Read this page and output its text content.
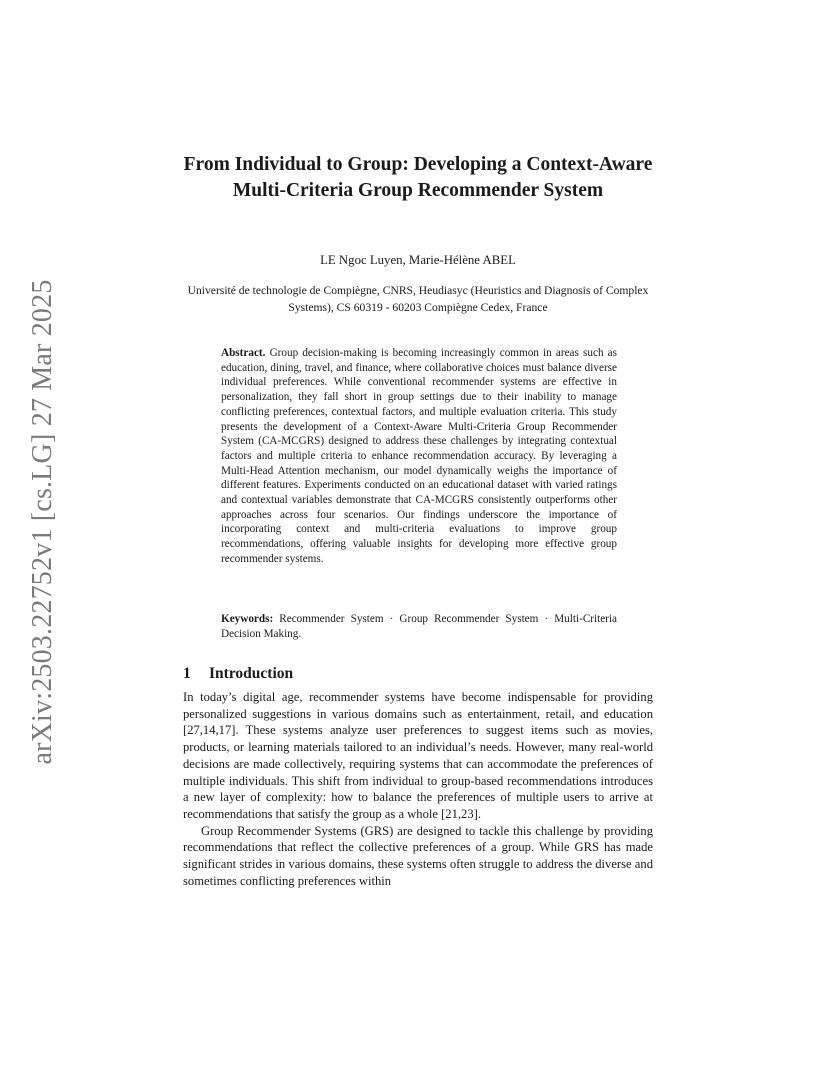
arXiv:2503.22752v1 [cs.LG] 27 Mar 2025
From Individual to Group: Developing a Context-Aware Multi-Criteria Group Recommender System
LE Ngoc Luyen, Marie-Hélène ABEL
Université de technologie de Compiègne, CNRS, Heudiasyc (Heuristics and Diagnosis of Complex Systems), CS 60319 - 60203 Compiègne Cedex, France
Abstract. Group decision-making is becoming increasingly common in areas such as education, dining, travel, and finance, where collaborative choices must balance diverse individual preferences. While conventional recommender systems are effective in personalization, they fall short in group settings due to their inability to manage conflicting preferences, contextual factors, and multiple evaluation criteria. This study presents the development of a Context-Aware Multi-Criteria Group Recommender System (CA-MCGRS) designed to address these challenges by integrating contextual factors and multiple criteria to enhance recommendation accuracy. By leveraging a Multi-Head Attention mechanism, our model dynamically weighs the importance of different features. Experiments conducted on an educational dataset with varied ratings and contextual variables demonstrate that CA-MCGRS consistently outperforms other approaches across four scenarios. Our findings underscore the importance of incorporating context and multi-criteria evaluations to improve group recommendations, offering valuable insights for developing more effective group recommender systems.
Keywords: Recommender System · Group Recommender System · Multi-Criteria Decision Making.
1 Introduction

In today’s digital age, recommender systems have become indispensable for providing personalized suggestions in various domains such as entertainment, retail, and education [27,14,17]. These systems analyze user preferences to suggest items such as movies, products, or learning materials tailored to an individual’s needs. However, many real-world decisions are made collectively, requiring systems that can accommodate the preferences of multiple individuals. This shift from individual to group-based recommendations introduces a new layer of complexity: how to balance the preferences of multiple users to arrive at recommendations that satisfy the group as a whole [21,23].

Group Recommender Systems (GRS) are designed to tackle this challenge by providing recommendations that reflect the collective preferences of a group. While GRS has made significant strides in various domains, these systems often struggle to address the diverse and sometimes conflicting preferences within
